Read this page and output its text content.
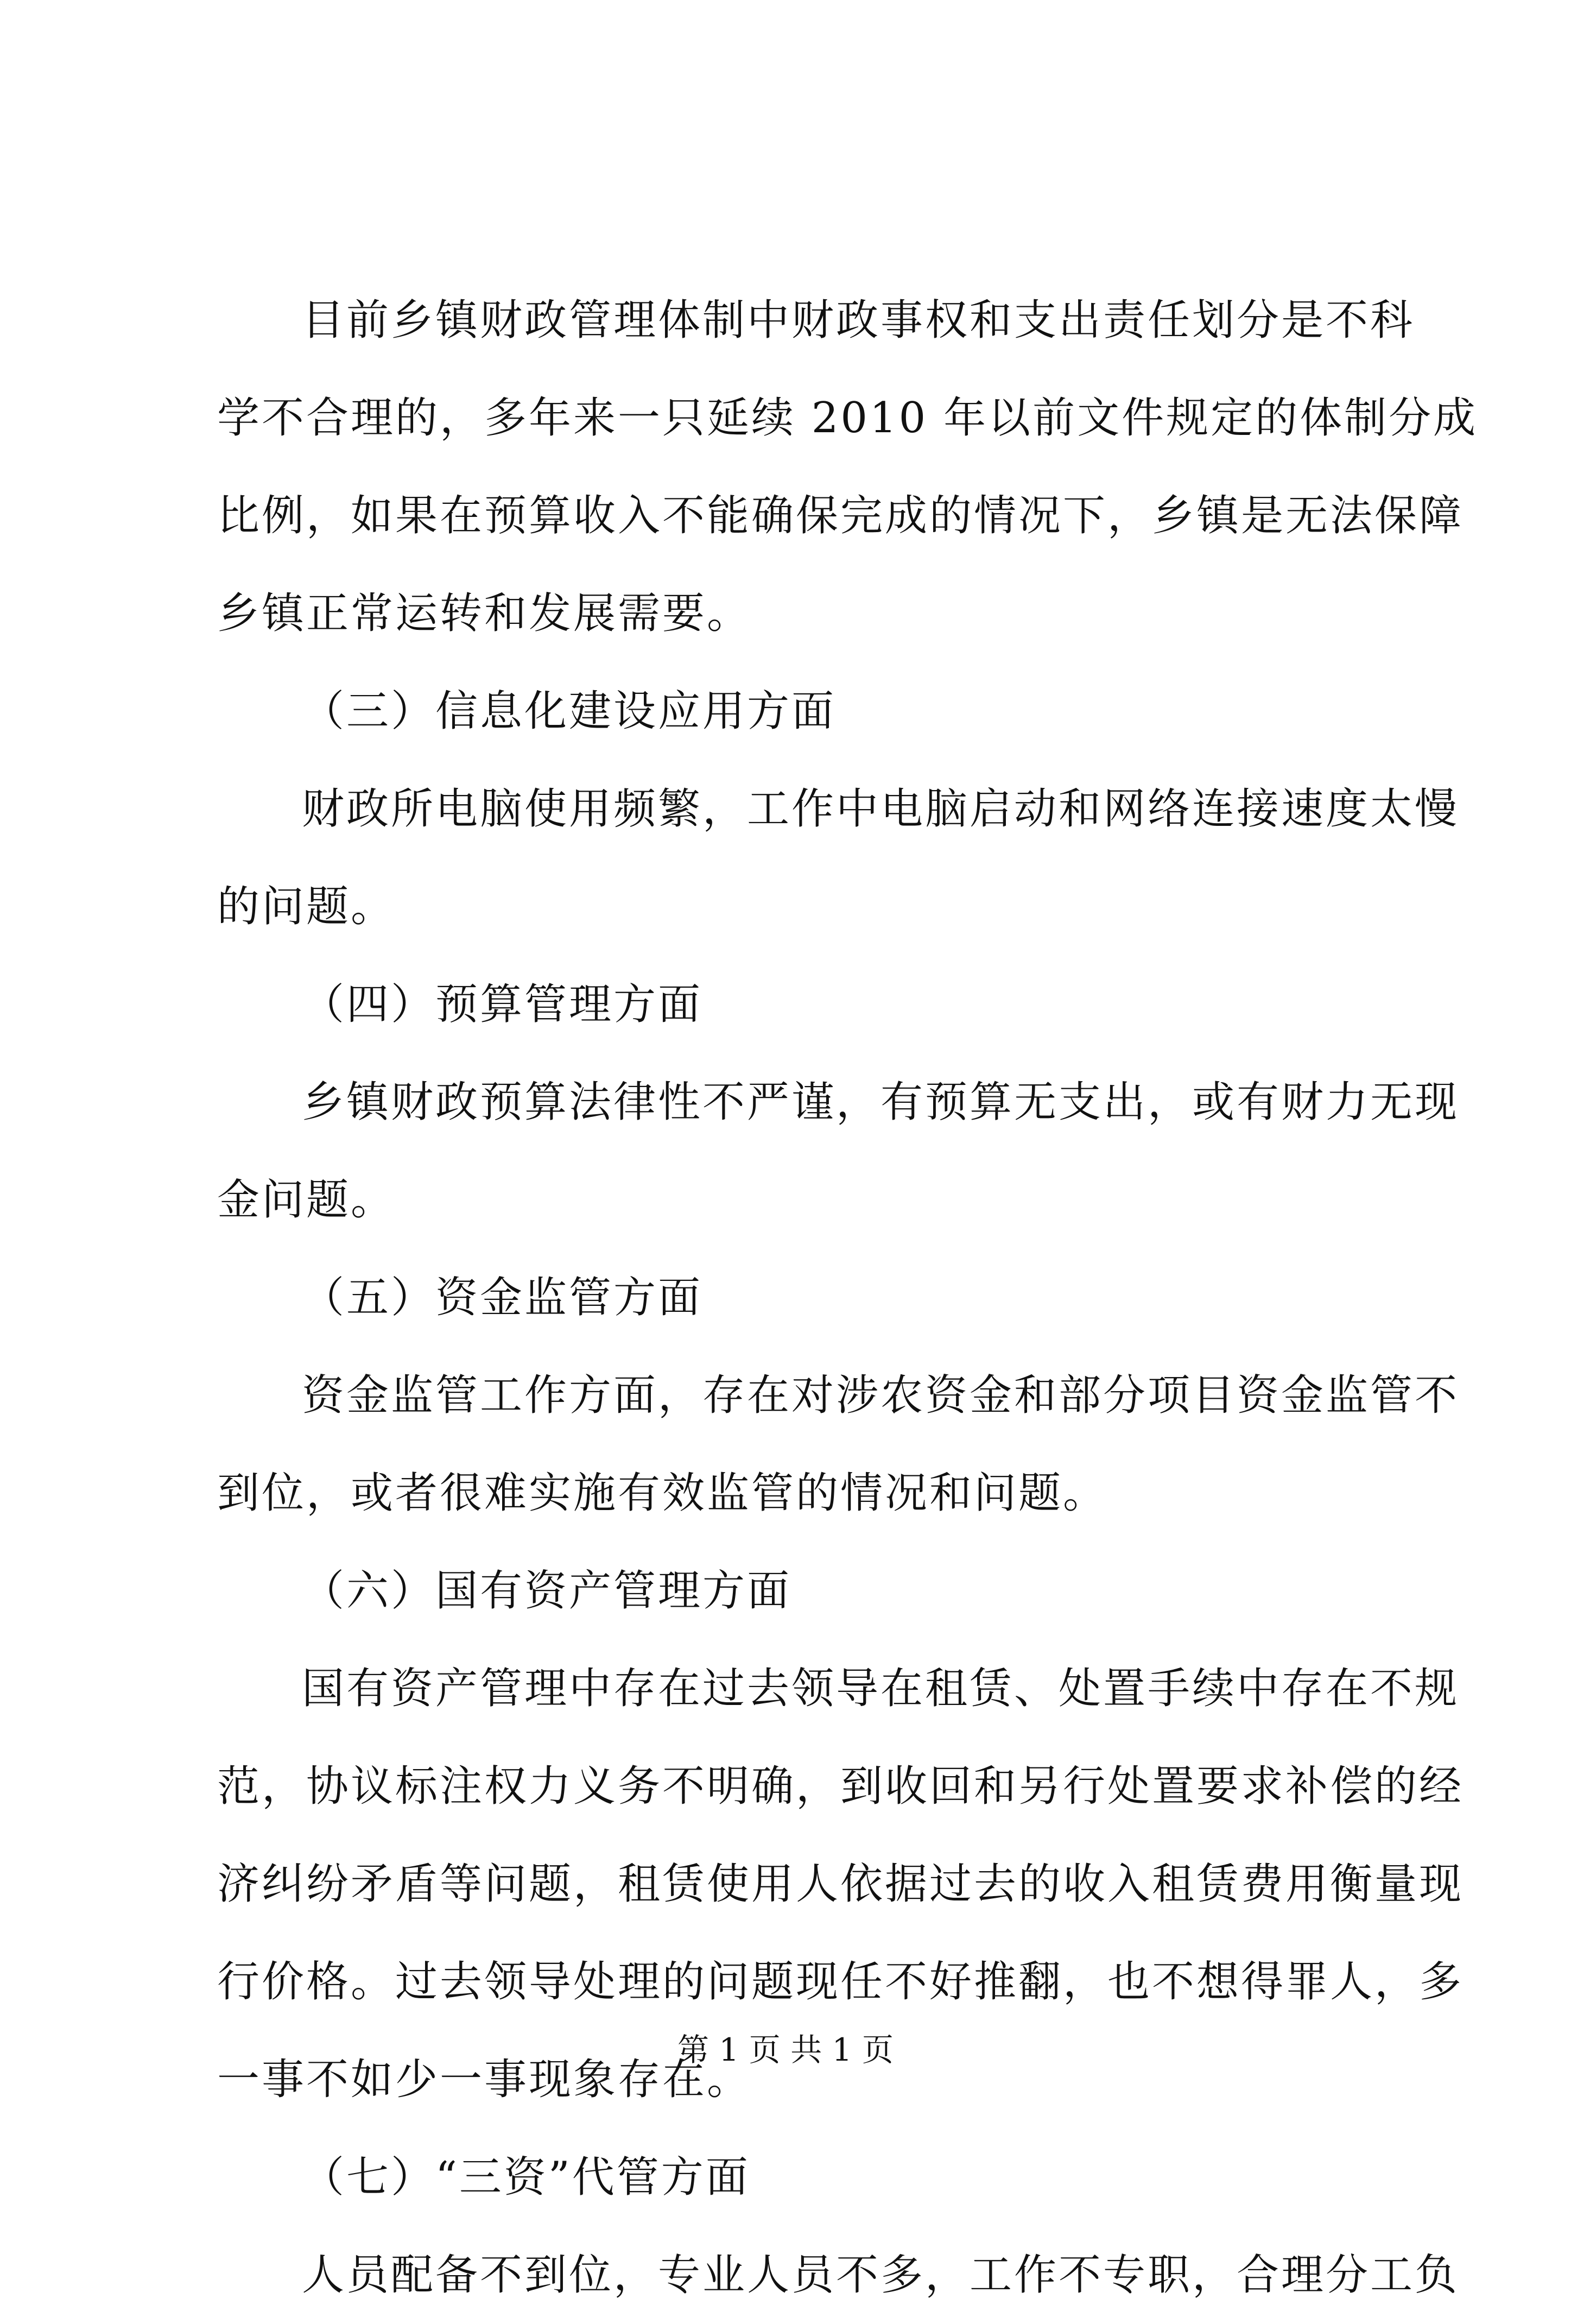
目前乡镇财政管理体制中财政事权和支出责任划分是不科
学不合理的，多年来一只延续 2010 年以前文件规定的体制分成
比例，如果在预算收入不能确保完成的情况下，乡镇是无法保障
乡镇正常运转和发展需要。
（三）信息化建设应用方面
财政所电脑使用频繁，工作中电脑启动和网络连接速度太慢
的问题。
（四）预算管理方面
乡镇财政预算法律性不严谨，有预算无支出，或有财力无现
金问题。
（五）资金监管方面
资金监管工作方面，存在对涉农资金和部分项目资金监管不
到位，或者很难实施有效监管的情况和问题。
（六）国有资产管理方面
国有资产管理中存在过去领导在租赁、处置手续中存在不规
范，协议标注权力义务不明确，到收回和另行处置要求补偿的经
济纠纷矛盾等问题，租赁使用人依据过去的收入租赁费用衡量现
行价格。过去领导处理的问题现任不好推翻，也不想得罪人，多
一事不如少一事现象存在。
（七）“三资”代管方面
人员配备不到位，专业人员不多，工作不专职，合理分工负
第 1 页 共 1 页
